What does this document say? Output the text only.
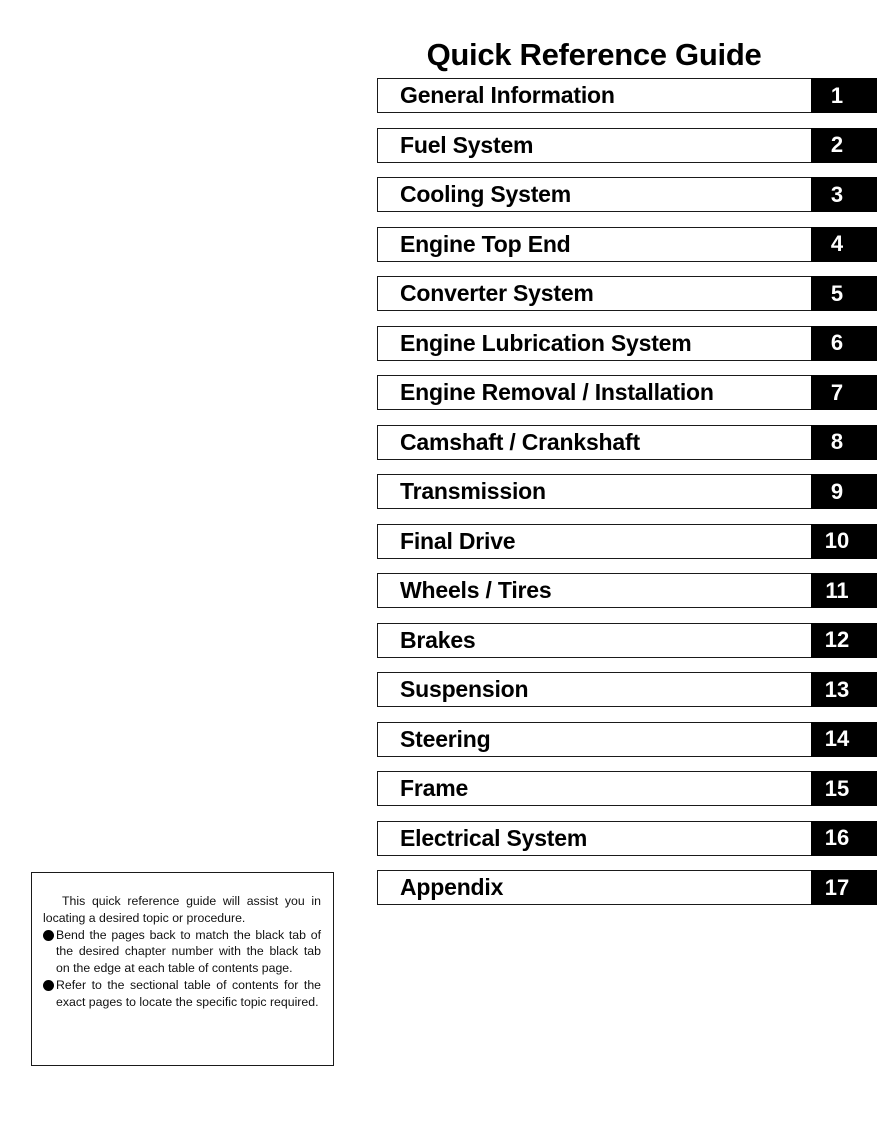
Quick Reference Guide
General Information	1
Fuel System	2
Cooling System	3
Engine Top End	4
Converter System	5
Engine Lubrication System	6
Engine Removal / Installation	7
Camshaft / Crankshaft	8
Transmission	9
Final Drive	10
Wheels / Tires	11
Brakes	12
Suspension	13
Steering	14
Frame	15
Electrical System	16
Appendix	17

This quick reference guide will assist you in locating a desired topic or procedure.

Bend the pages back to match the black tab of the desired chapter number with the black tab on the edge at each table of contents page.

Refer to the sectional table of contents for the exact pages to locate the specific topic required.
